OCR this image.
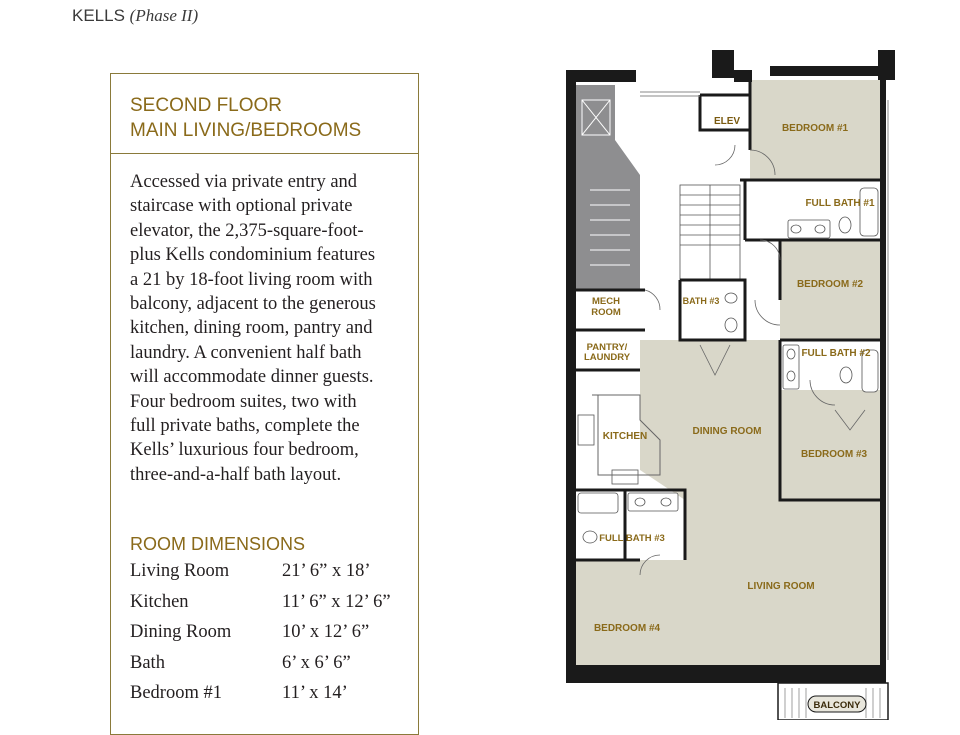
KELLS (Phase II)
SECOND FLOOR
MAIN LIVING/BEDROOMS
Accessed via private entry and
staircase with optional private
elevator, the 2,375-square-foot-
plus Kells condominium features
a 21 by 18-foot living room with
balcony, adjacent to the generous
kitchen, dining room, pantry and
laundry. A convenient half bath
will accommodate dinner guests.
Four bedroom suites, two with
full private baths, complete the
Kells’ luxurious four bedroom,
three-and-a-half bath layout.
ROOM DIMENSIONS
Living Room	21’ 6” x 18’
Kitchen	11’ 6” x 12’ 6”
Dining Room	10’ x 12’ 6”
Bath	6’ x 6’ 6”
Bedroom #1	11’ x 14’
ELEV
BEDROOM #1
FULL BATH #1
BEDROOM #2
BATH #3
MECH
ROOM
PANTRY/
LAUNDRY	FULL BATH #2
KITCHEN	DINING ROOM
BEDROOM #3
FULL BATH #3
LIVING ROOM
BEDROOM #4
BALCONY
